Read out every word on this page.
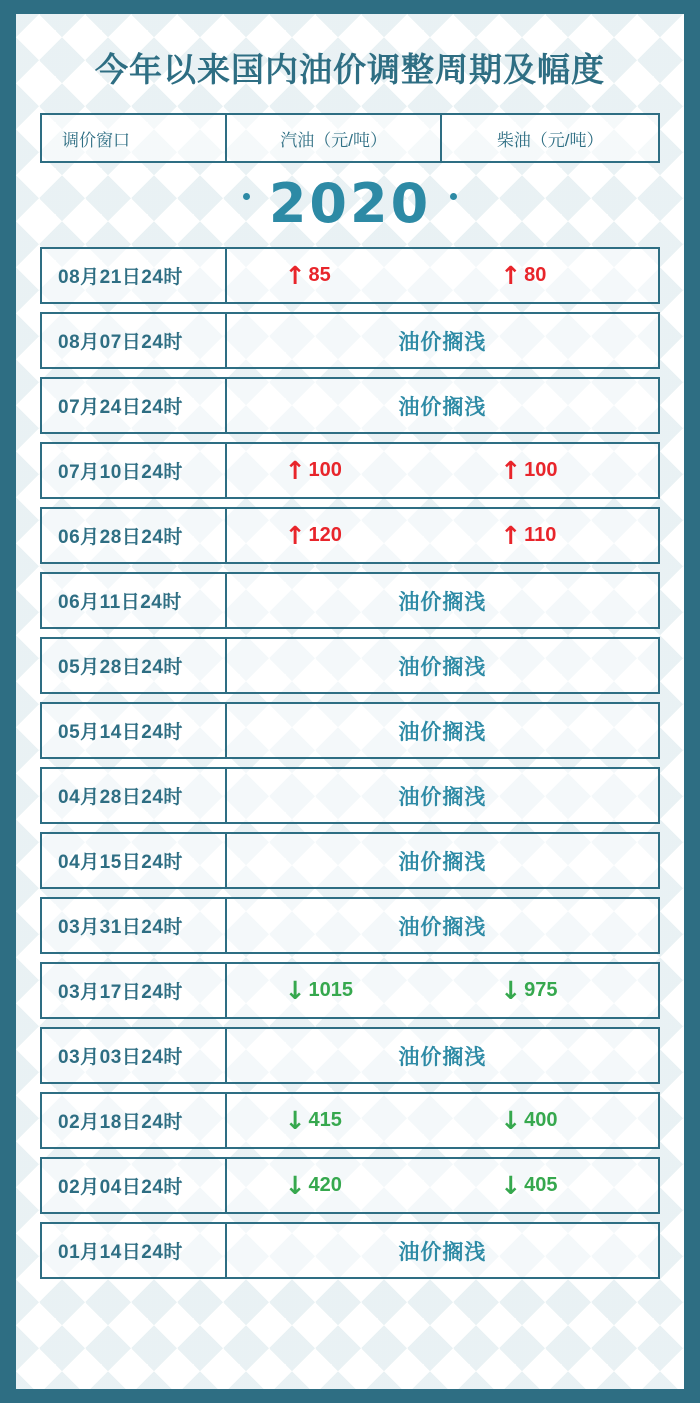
今年以来国内油价调整周期及幅度
调价窗口	汽油（元/吨）	柴油（元/吨）
2020
08月21日24时	↑ 85	↑ 80
08月07日24时	油价搁浅
07月24日24时	油价搁浅
07月10日24时	↑ 100	↑ 100
06月28日24时	↑ 120	↑ 110
06月11日24时	油价搁浅
05月28日24时	油价搁浅
05月14日24时	油价搁浅
04月28日24时	油价搁浅
04月15日24时	油价搁浅
03月31日24时	油价搁浅
03月17日24时	↓ 1015	↓ 975
03月03日24时	油价搁浅
02月18日24时	↓ 415	↓ 400
02月04日24时	↓ 420	↓ 405
01月14日24时	油价搁浅
